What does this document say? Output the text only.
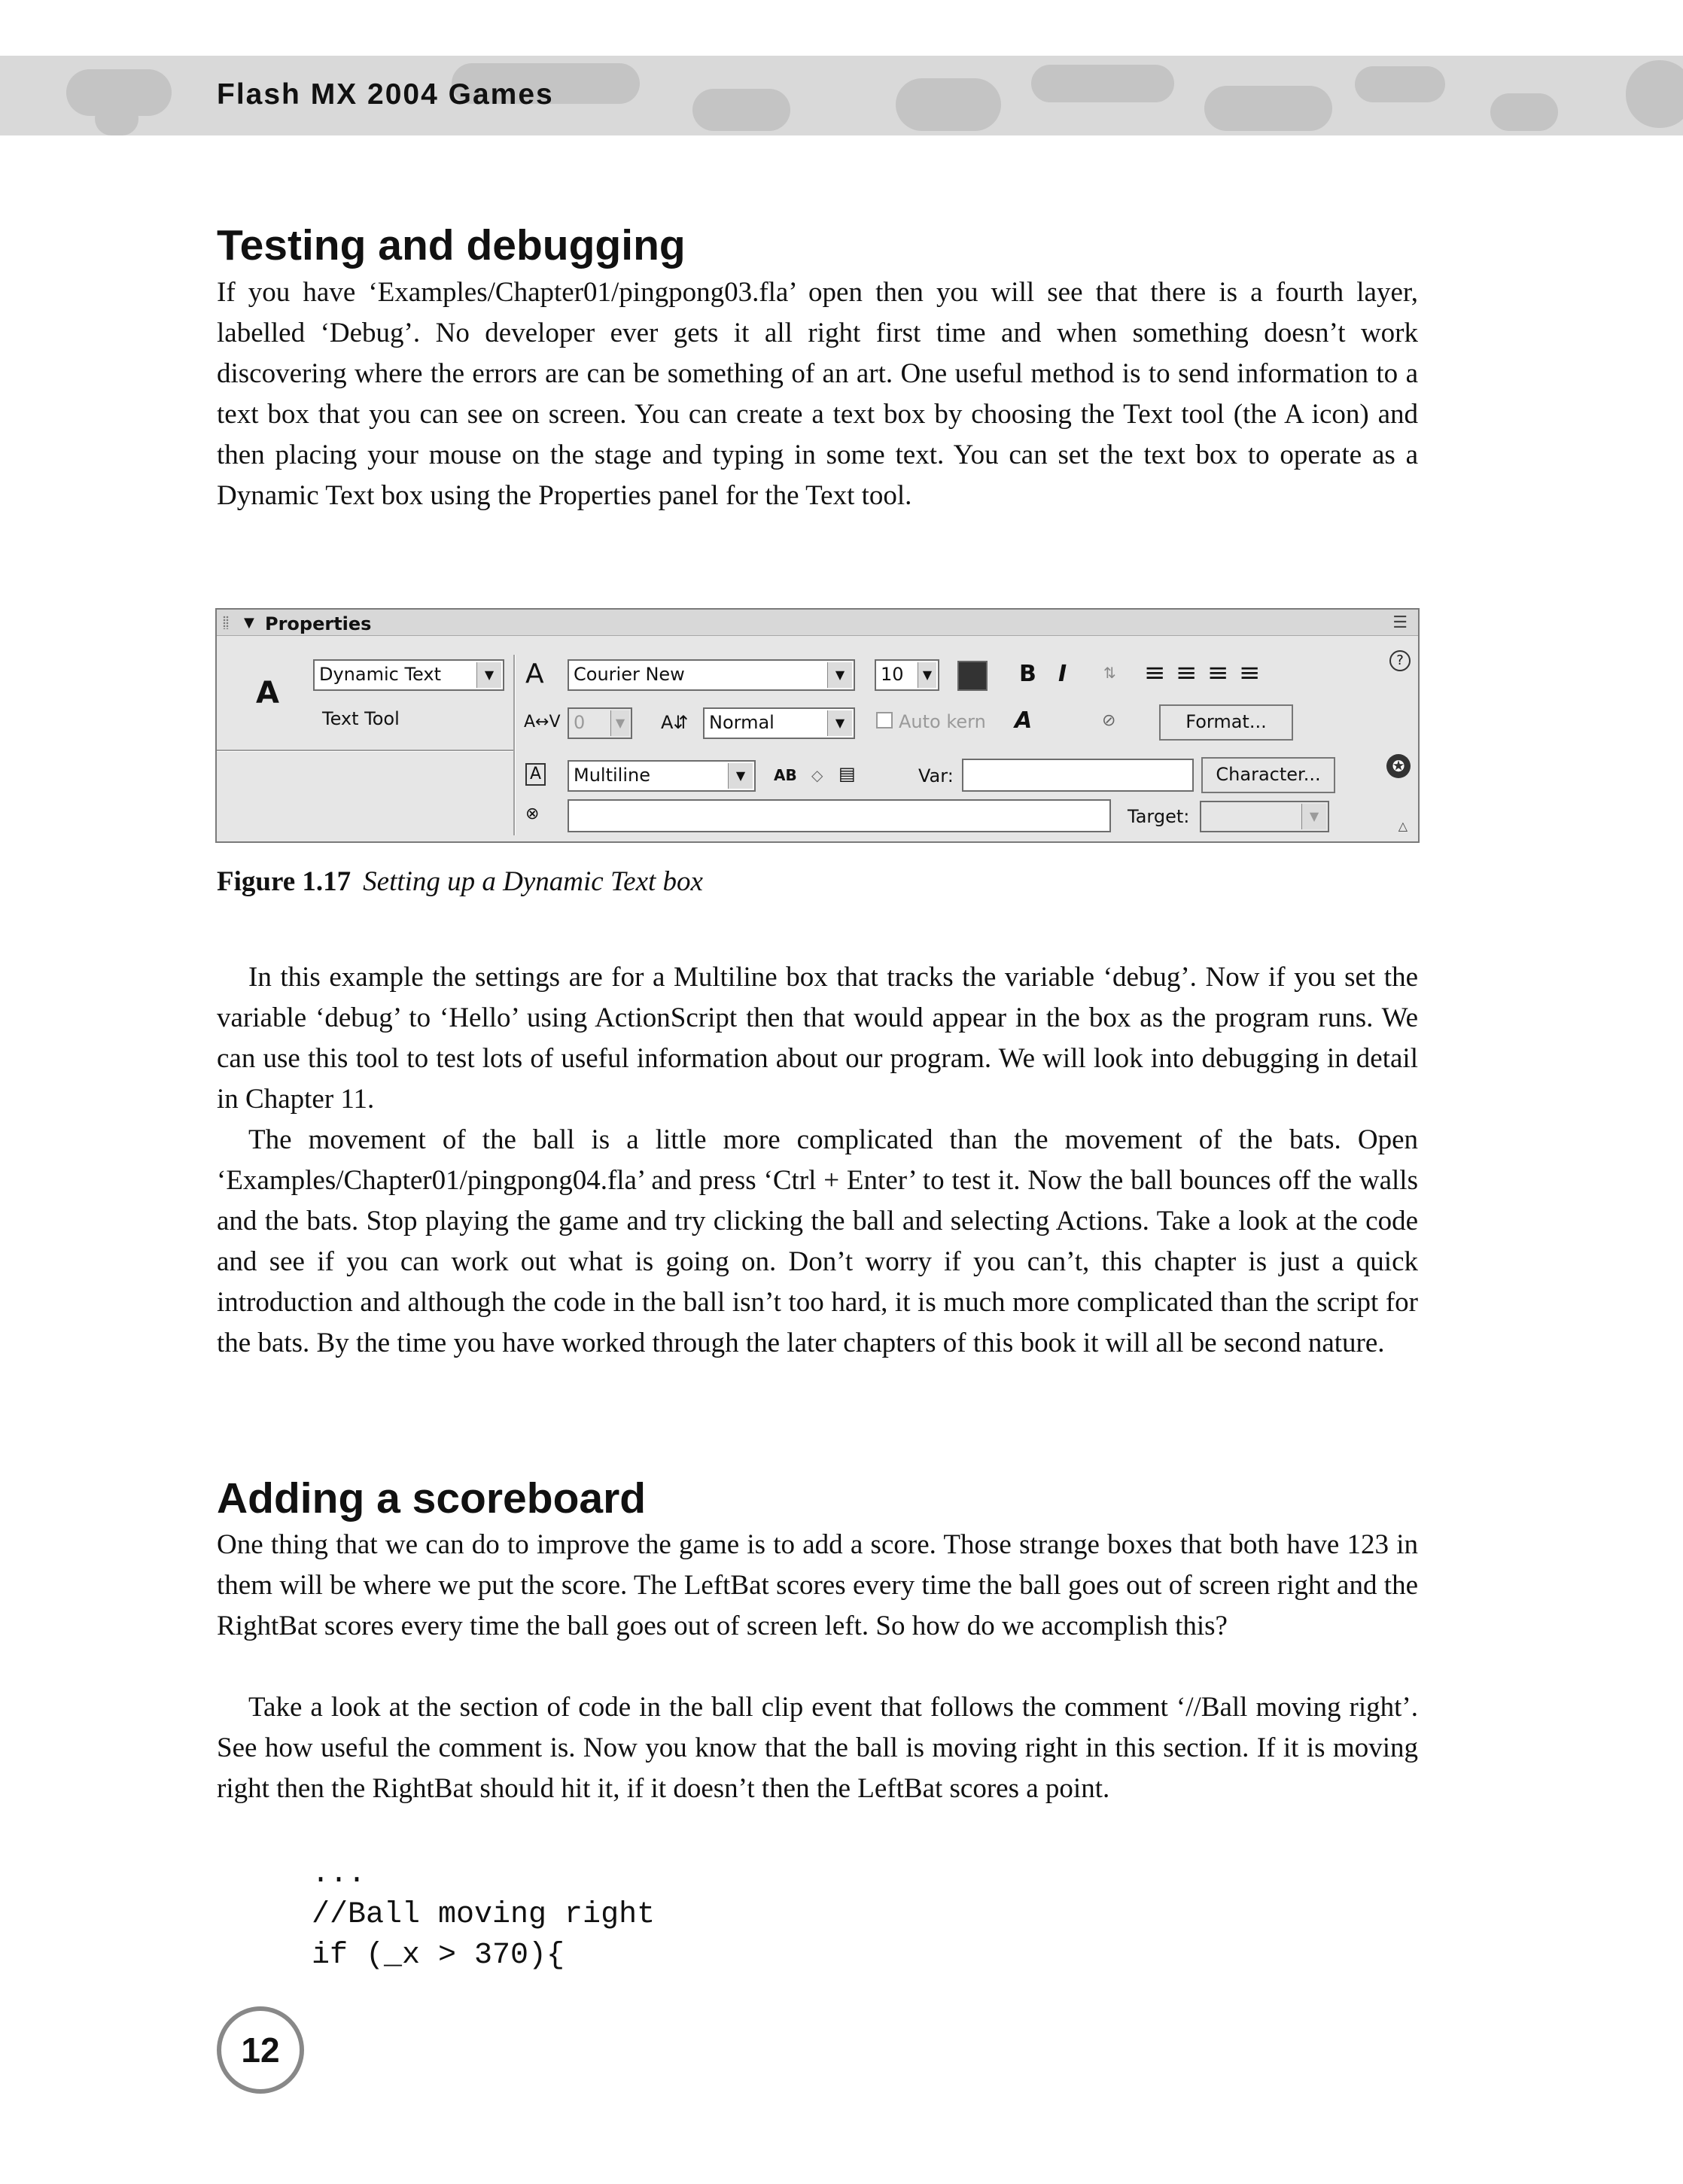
Flash MX 2004 Games
Testing and debugging

If you have ‘Examples/Chapter01/pingpong03.fla’ open then you will see that there is a fourth layer, labelled ‘Debug’. No developer ever gets it all right first time and when something doesn’t work discovering where the errors are can be something of an art. One useful method is to send information to a text box that you can see on screen. You can create a text box by choosing the Text tool (the A icon) and then placing your mouse on the stage and typing in some text. You can set the text box to operate as a Dynamic Text box using the Properties panel for the Text tool.

▼ Properties	☰
?
✪
△
A
Dynamic Text	▼
Text Tool
A	Courier New	▼	10	▼	B I ⇅ ≡ ≡ ≡ ≡
A↔V 0	▼ A⇵	Normal	▼	Auto kern A	⊘	Format...
A	Multiline	▼	AB ◇ ▤	Var:	Character...
⊗	Target:	▼

Figure 1.17 Setting up a Dynamic Text box

In this example the settings are for a Multiline box that tracks the variable ‘debug’. Now if you set the variable ‘debug’ to ‘Hello’ using ActionScript then that would appear in the box as the program runs. We can use this tool to test lots of useful information about our program. We will look into debugging in detail in Chapter 11.

The movement of the ball is a little more complicated than the movement of the bats. Open ‘Examples/Chapter01/pingpong04.fla’ and press ‘Ctrl + Enter’ to test it. Now the ball bounces off the walls and the bats. Stop playing the game and try clicking the ball and selecting Actions. Take a look at the code and see if you can work out what is going on. Don’t worry if you can’t, this chapter is just a quick introduction and although the code in the ball isn’t too hard, it is much more complicated than the script for the bats. By the time you have worked through the later chapters of this book it will all be second nature.

Adding a scoreboard

One thing that we can do to improve the game is to add a score. Those strange boxes that both have 123 in them will be where we put the score. The LeftBat scores every time the ball goes out of screen right and the RightBat scores every time the ball goes out of screen left. So how do we accomplish this?

Take a look at the section of code in the ball clip event that follows the comment ‘//Ball moving right’. See how useful the comment is. Now you know that the ball is moving right in this section. If it is moving right then the RightBat should hit it, if it doesn’t then the LeftBat scores a point.

...
//Ball moving right
if (_x > 370){
12
